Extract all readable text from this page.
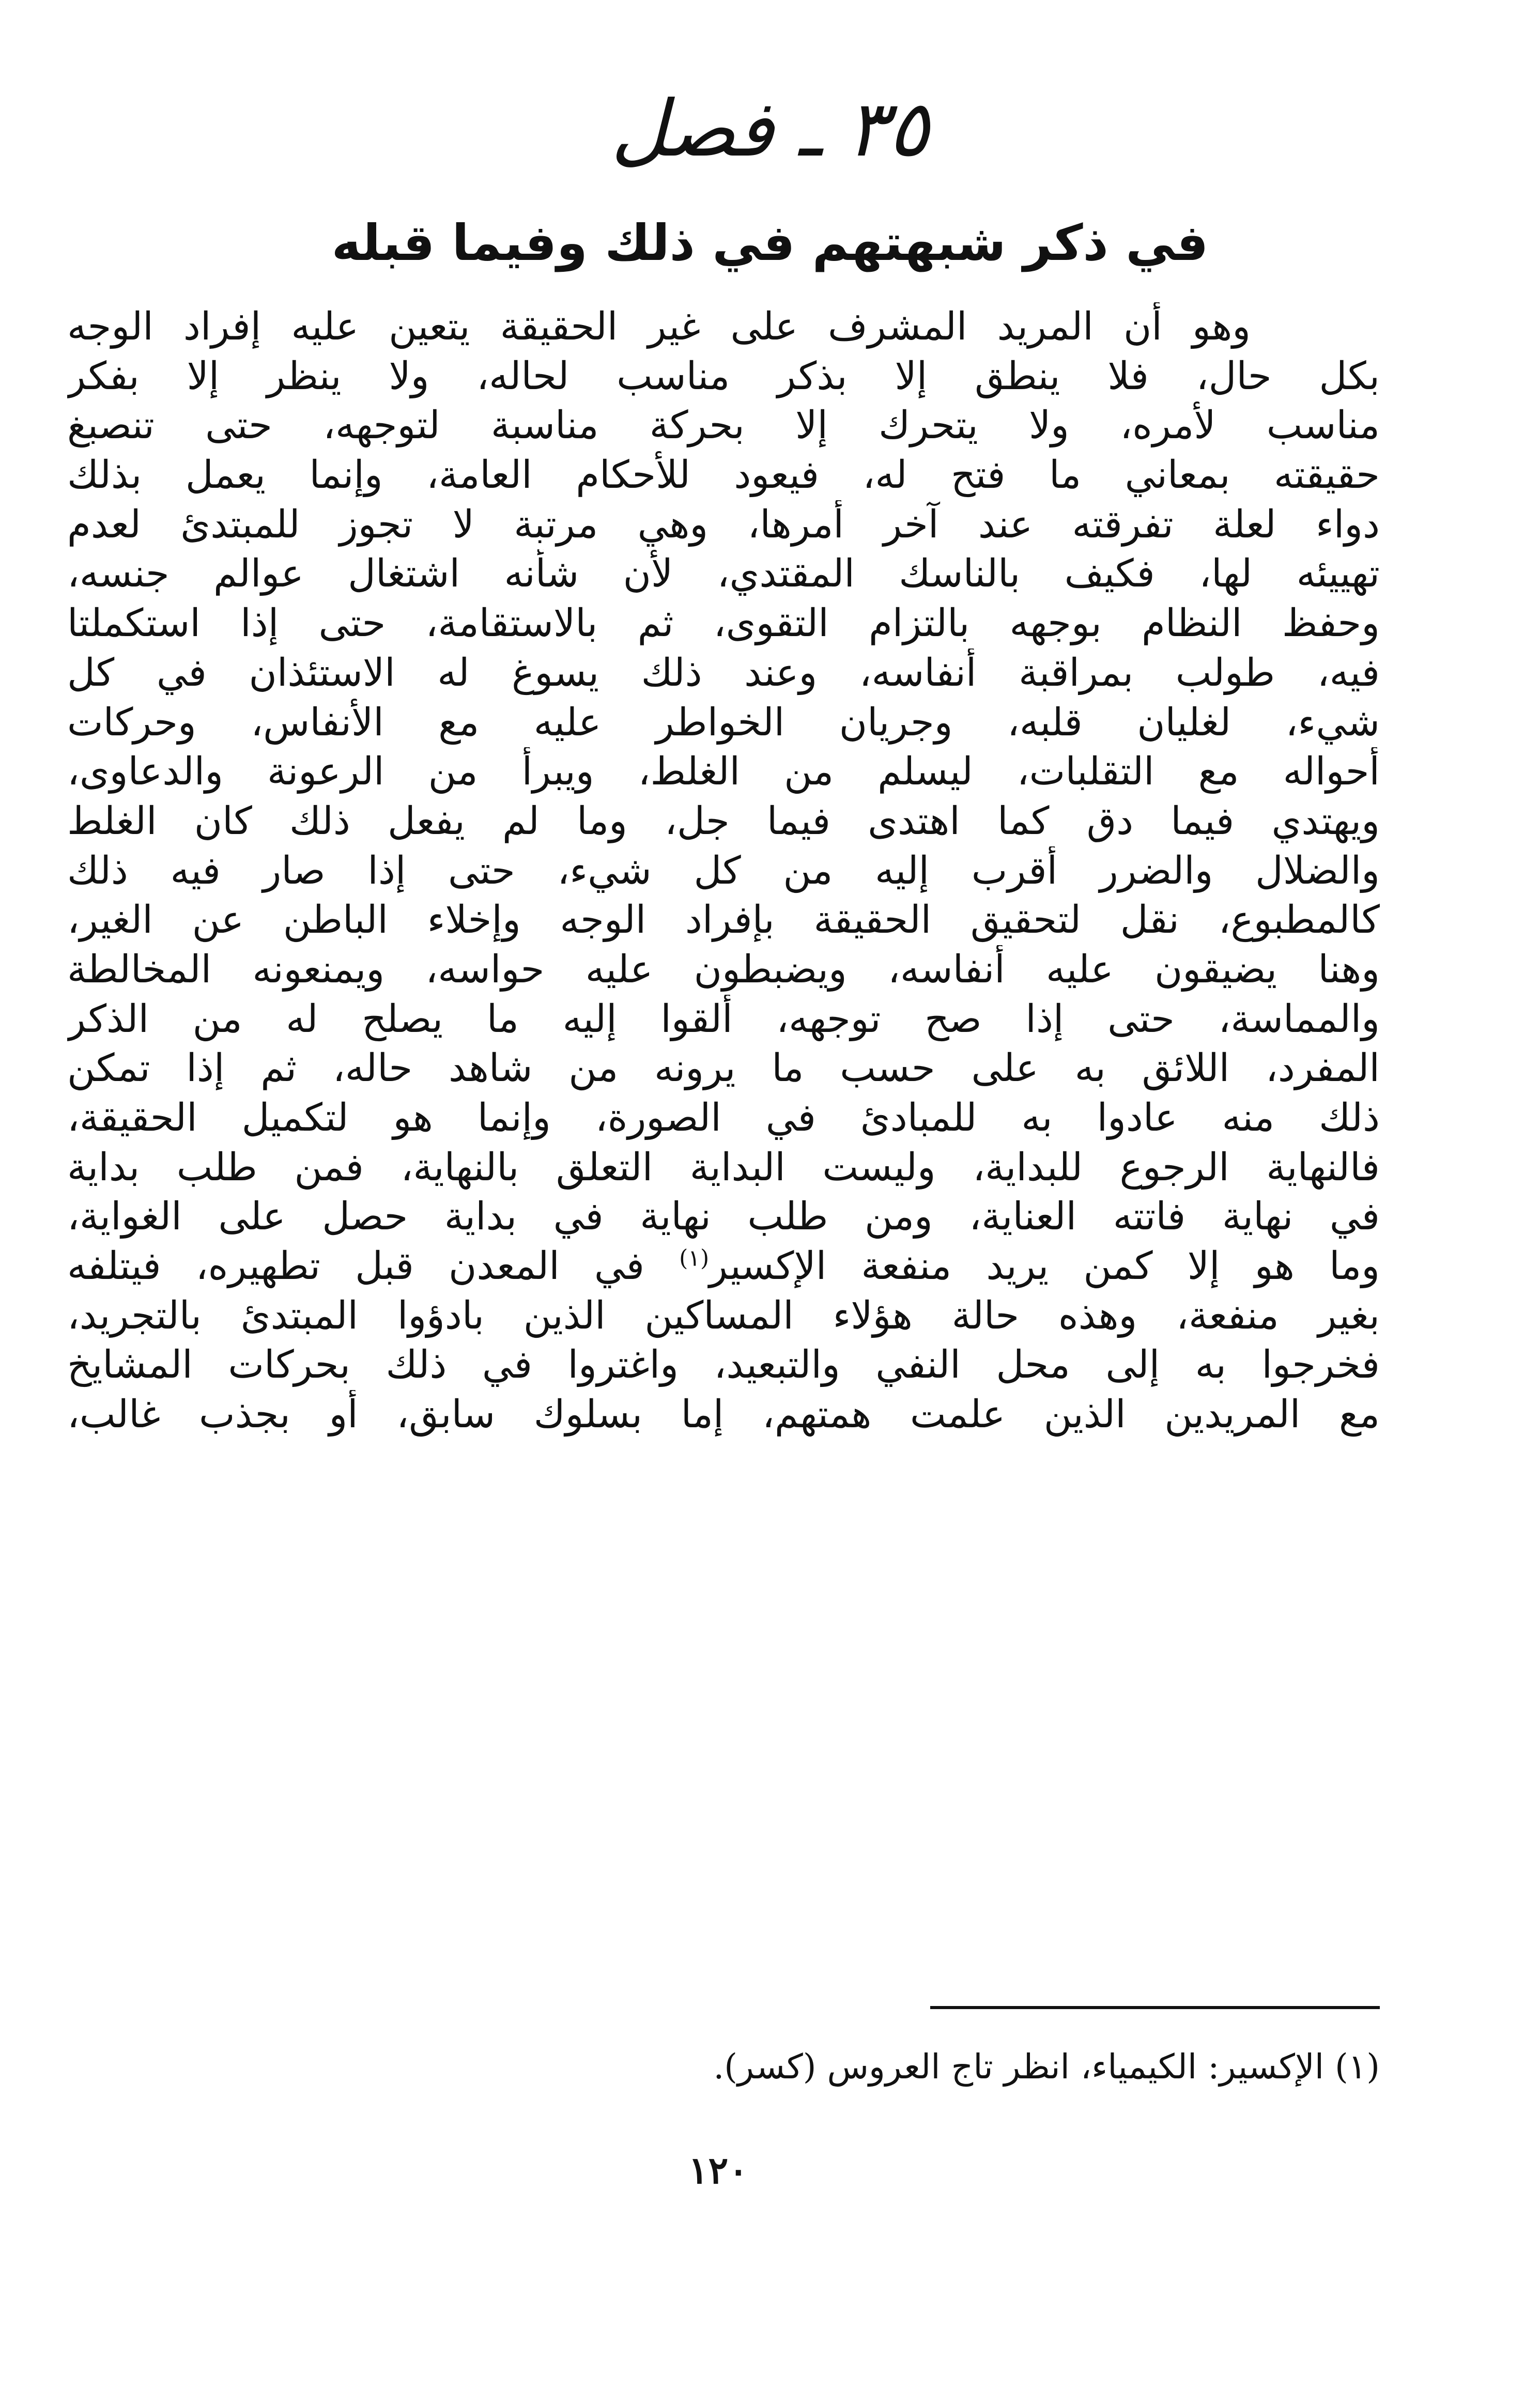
٣٥ ـ فصل
في ذكر شبهتهم في ذلك وفيما قبله
وهو أن المريد المشرف على غير الحقيقة يتعين عليه إفراد الوجه
بكل حال، فلا ينطق إلا بذكر مناسب لحاله، ولا ينظر إلا بفكر
مناسب لأمره، ولا يتحرك إلا بحركة مناسبة لتوجهه، حتى تنصبغ
حقيقته بمعاني ما فتح له، فيعود للأحكام العامة، وإنما يعمل بذلك
دواء لعلة تفرقته عند آخر أمرها، وهي مرتبة لا تجوز للمبتدئ لعدم
تهييئه لها، فكيف بالناسك المقتدي، لأن شأنه اشتغال عوالم جنسه،
وحفظ النظام بوجهه بالتزام التقوى، ثم بالاستقامة، حتى إذا استكملتا
فيه، طولب بمراقبة أنفاسه، وعند ذلك يسوغ له الاستئذان في كل
شيء، لغليان قلبه، وجريان الخواطر عليه مع الأنفاس، وحركات
أحواله مع التقلبات، ليسلم من الغلط، ويبرأ من الرعونة والدعاوى،
ويهتدي فيما دق كما اهتدى فيما جل، وما لم يفعل ذلك كان الغلط
والضلال والضرر أقرب إليه من كل شيء، حتى إذا صار فيه ذلك
كالمطبوع، نقل لتحقيق الحقيقة بإفراد الوجه وإخلاء الباطن عن الغير،
وهنا يضيقون عليه أنفاسه، ويضبطون عليه حواسه، ويمنعونه المخالطة
والمماسة، حتى إذا صح توجهه، ألقوا إليه ما يصلح له من الذكر
المفرد، اللائق به على حسب ما يرونه من شاهد حاله، ثم إذا تمكن
ذلك منه عادوا به للمبادئ في الصورة، وإنما هو لتكميل الحقيقة،
فالنهاية الرجوع للبداية، وليست البداية التعلق بالنهاية، فمن طلب بداية
في نهاية فاتته العناية، ومن طلب نهاية في بداية حصل على الغواية،
وما هو إلا كمن يريد منفعة الإكسير$^{(١)}$ في المعدن قبل تطهيره، فيتلفه
بغير منفعة، وهذه حالة هؤلاء المساكين الذين بادؤوا المبتدئ بالتجريد،
فخرجوا به إلى محل النفي والتبعيد، واغتروا في ذلك بحركات المشايخ
مع المريدين الذين علمت همتهم، إما بسلوك سابق، أو بجذب غالب،

(١) الإكسير: الكيمياء، انظر تاج العروس (كسر).

١٢٠
